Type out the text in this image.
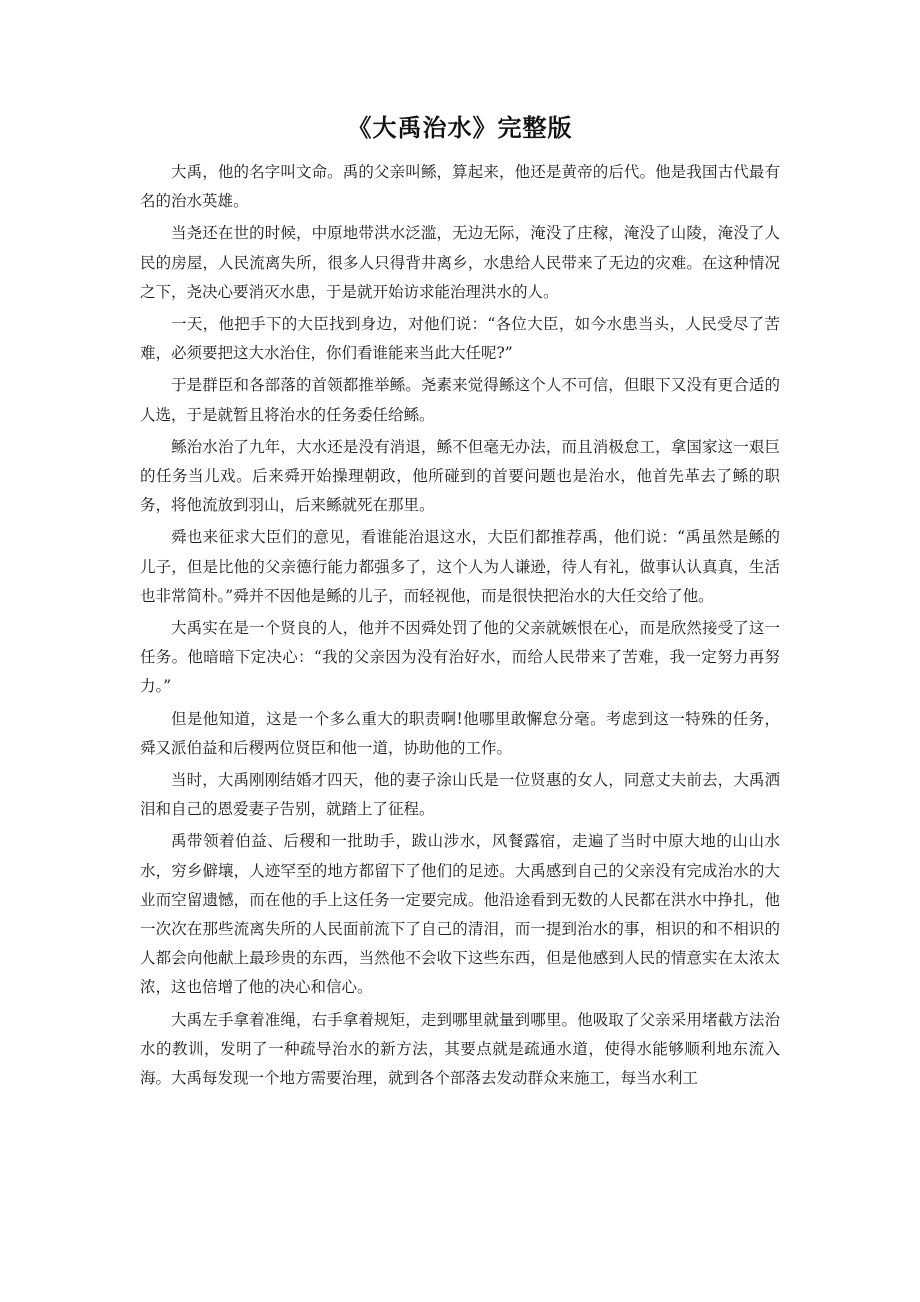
《大禹治水》完整版

大禹，他的名字叫文命。禹的父亲叫鲧，算起来，他还是黄帝的后代。他是我国古代最有名的治水英雄。

当尧还在世的时候，中原地带洪水泛滥，无边无际，淹没了庄稼，淹没了山陵，淹没了人民的房屋，人民流离失所，很多人只得背井离乡，水患给人民带来了无边的灾难。在这种情况之下，尧决心要消灭水患，于是就开始访求能治理洪水的人。

一天，他把手下的大臣找到身边，对他们说：“各位大臣，如今水患当头，人民受尽了苦难，必须要把这大水治住，你们看谁能来当此大任呢?”

于是群臣和各部落的首领都推举鲧。尧素来觉得鲧这个人不可信，但眼下又没有更合适的人选，于是就暂且将治水的任务委任给鲧。

鲧治水治了九年，大水还是没有消退，鲧不但毫无办法，而且消极怠工，拿国家这一艰巨的任务当儿戏。后来舜开始操理朝政，他所碰到的首要问题也是治水，他首先革去了鲧的职务，将他流放到羽山，后来鲧就死在那里。

舜也来征求大臣们的意见，看谁能治退这水，大臣们都推荐禹，他们说：“禹虽然是鲧的儿子，但是比他的父亲德行能力都强多了，这个人为人谦逊，待人有礼，做事认认真真，生活也非常简朴。”舜并不因他是鲧的儿子，而轻视他，而是很快把治水的大任交给了他。

大禹实在是一个贤良的人，他并不因舜处罚了他的父亲就嫉恨在心，而是欣然接受了这一任务。他暗暗下定决心：“我的父亲因为没有治好水，而给人民带来了苦难，我一定努力再努力。”

但是他知道，这是一个多么重大的职责啊!他哪里敢懈怠分毫。考虑到这一特殊的任务，舜又派伯益和后稷两位贤臣和他一道，协助他的工作。

当时，大禹刚刚结婚才四天，他的妻子涂山氏是一位贤惠的女人，同意丈夫前去，大禹洒泪和自己的恩爱妻子告别，就踏上了征程。

禹带领着伯益、后稷和一批助手，跋山涉水，风餐露宿，走遍了当时中原大地的山山水水，穷乡僻壤，人迹罕至的地方都留下了他们的足迹。大禹感到自己的父亲没有完成治水的大业而空留遗憾，而在他的手上这任务一定要完成。他沿途看到无数的人民都在洪水中挣扎，他一次次在那些流离失所的人民面前流下了自己的清泪，而一提到治水的事，相识的和不相识的人都会向他献上最珍贵的东西，当然他不会收下这些东西，但是他感到人民的情意实在太浓太浓，这也倍增了他的决心和信心。

大禹左手拿着准绳，右手拿着规矩，走到哪里就量到哪里。他吸取了父亲采用堵截方法治水的教训，发明了一种疏导治水的新方法，其要点就是疏通水道，使得水能够顺利地东流入海。大禹每发现一个地方需要治理，就到各个部落去发动群众来施工，每当水利工
